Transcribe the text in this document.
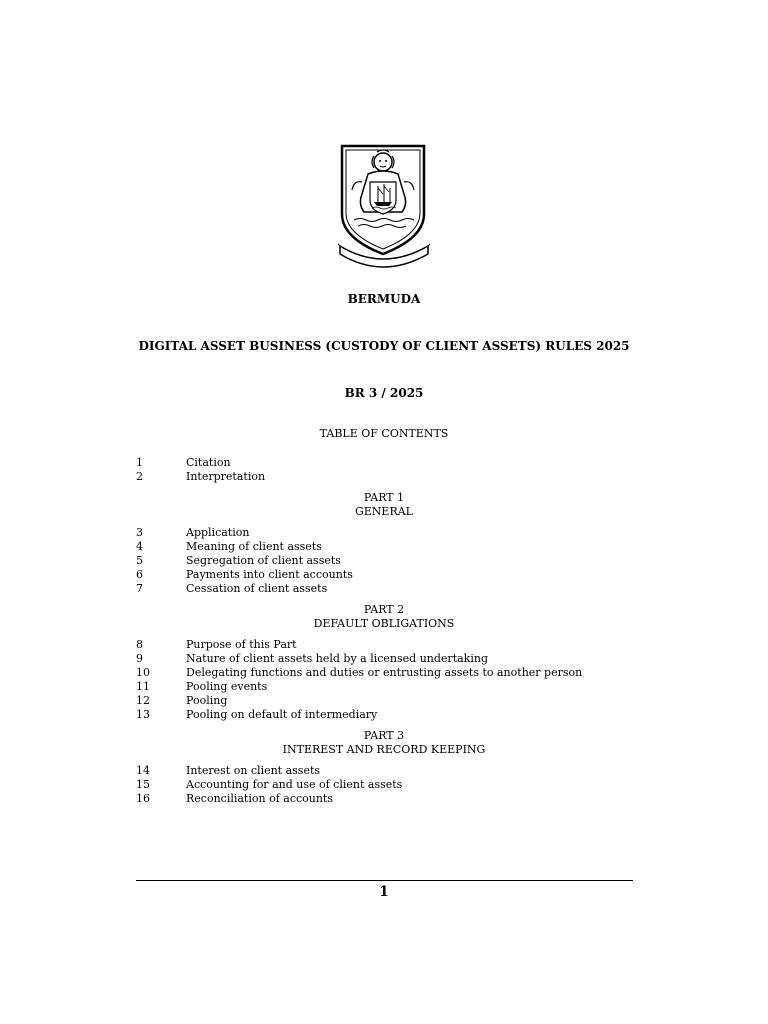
BERMUDA
DIGITAL ASSET BUSINESS (CUSTODY OF CLIENT ASSETS) RULES 2025
BR 3 / 2025
TABLE OF CONTENTS
1	Citation
2	Interpretation
PART 1
GENERAL
3	Application
4	Meaning of client assets
5	Segregation of client assets
6	Payments into client accounts
7	Cessation of client assets
PART 2
DEFAULT OBLIGATIONS
8	Purpose of this Part
9	Nature of client assets held by a licensed undertaking
10	Delegating functions and duties or entrusting assets to another person
11	Pooling events
12	Pooling
13	Pooling on default of intermediary
PART 3
INTEREST AND RECORD KEEPING
14	Interest on client assets
15	Accounting for and use of client assets
16	Reconciliation of accounts
1
